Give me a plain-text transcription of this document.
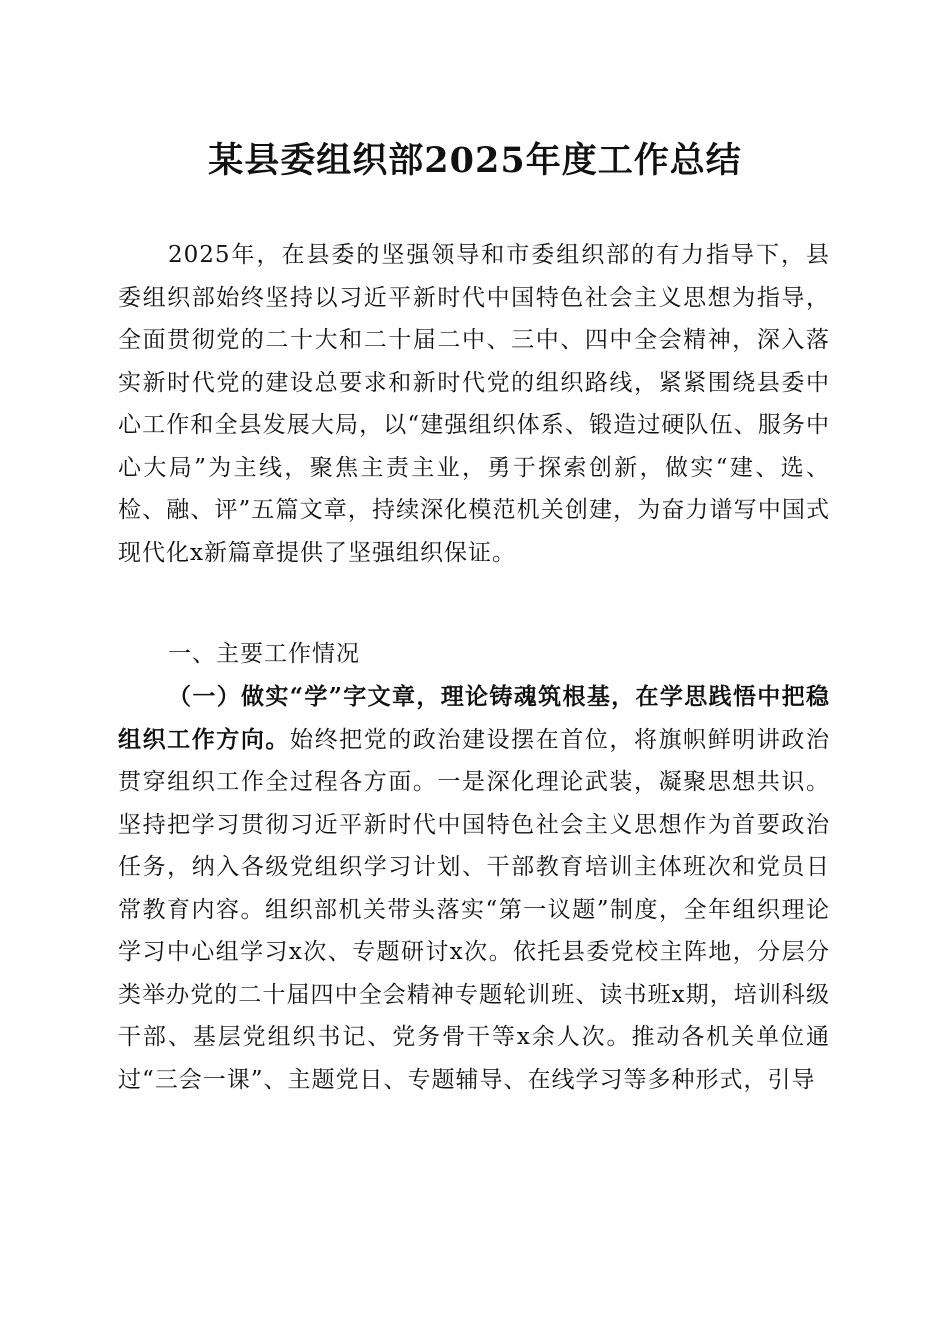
某县委组织部2025年度工作总结

2025年，在县委的坚强领导和市委组织部的有力指导下，县委组织部始终坚持以习近平新时代中国特色社会主义思想为指导，全面贯彻党的二十大和二十届二中、三中、四中全会精神，深入落实新时代党的建设总要求和新时代党的组织路线，紧紧围绕县委中心工作和全县发展大局，以“建强组织体系、锻造过硬队伍、服务中心大局”为主线，聚焦主责主业，勇于探索创新，做实“建、选、检、融、评”五篇文章，持续深化模范机关创建，为奋力谱写中国式现代化x新篇章提供了坚强组织保证。

一、主要工作情况

（一）做实“学”字文章，理论铸魂筑根基，在学思践悟中把稳组织工作方向。始终把党的政治建设摆在首位，将旗帜鲜明讲政治贯穿组织工作全过程各方面。一是深化理论武装，凝聚思想共识。坚持把学习贯彻习近平新时代中国特色社会主义思想作为首要政治任务，纳入各级党组织学习计划、干部教育培训主体班次和党员日常教育内容。组织部机关带头落实“第一议题”制度，全年组织理论学习中心组学习x次、专题研讨x次。依托县委党校主阵地，分层分类举办党的二十届四中全会精神专题轮训班、读书班x期，培训科级干部、基层党组织书记、党务骨干等x余人次。推动各机关单位通过“三会一课”、主题党日、专题辅导、在线学习等多种形式，引导
